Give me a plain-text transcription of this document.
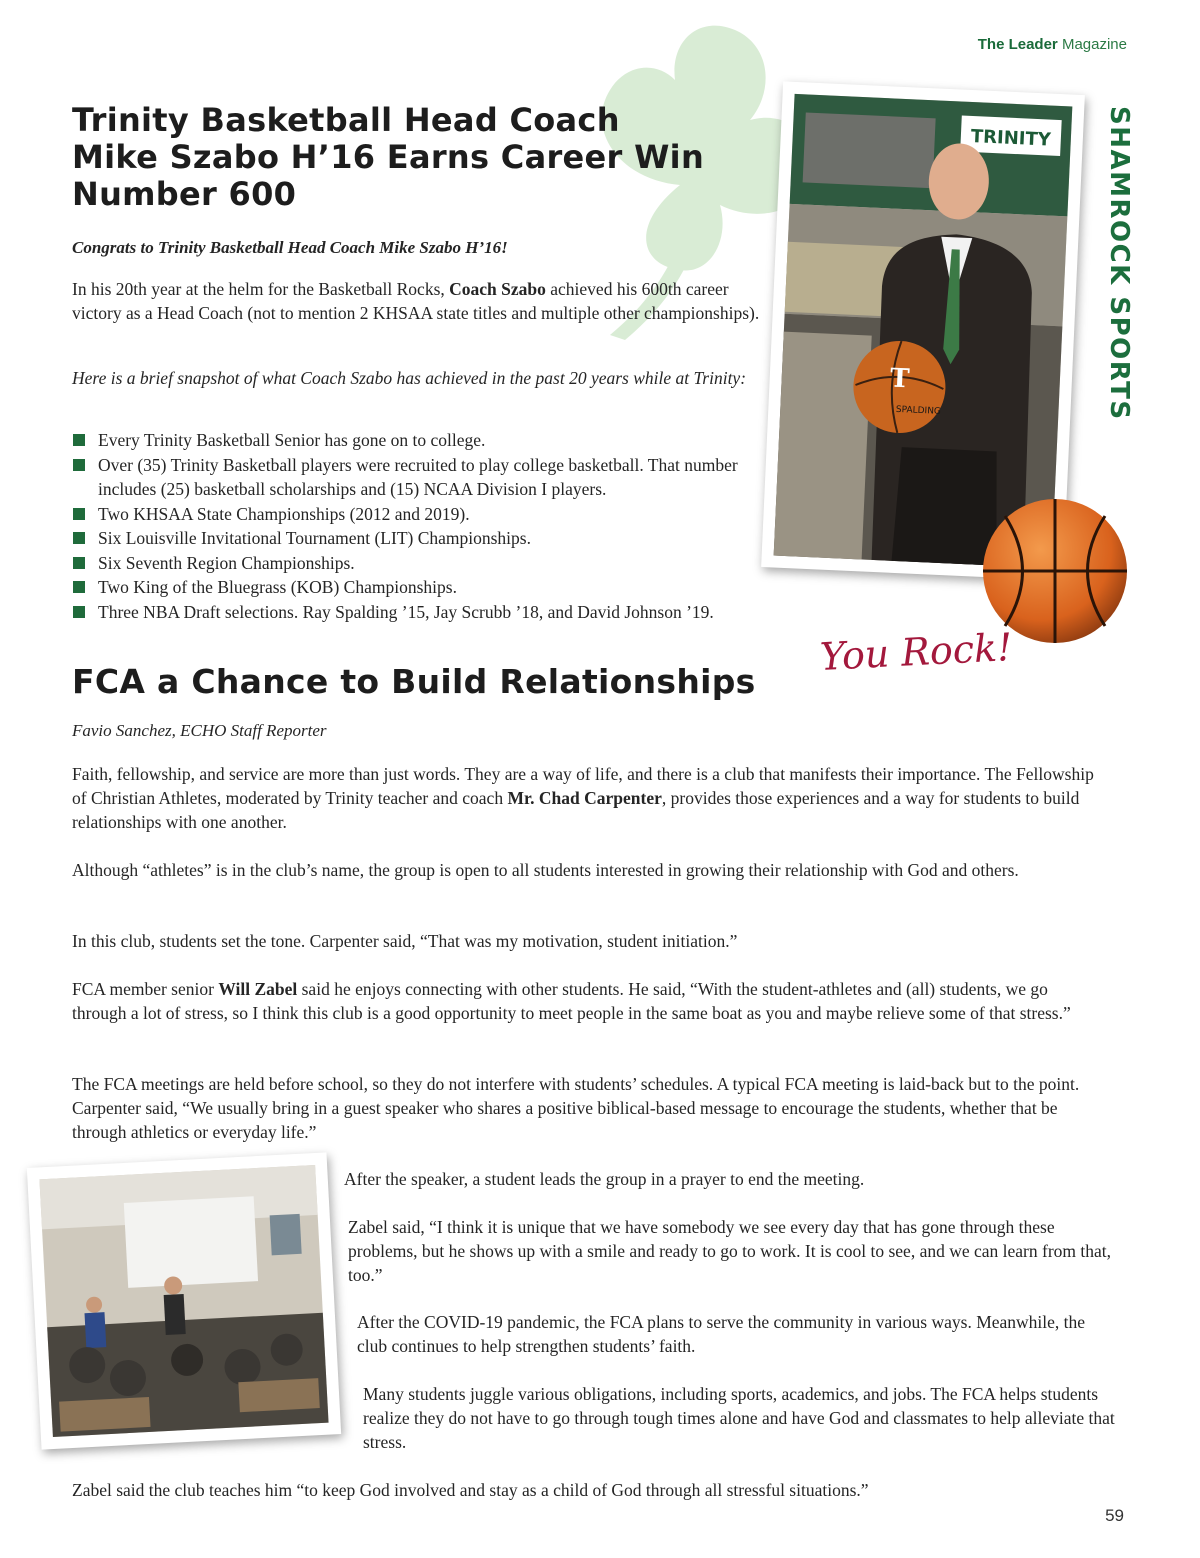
The Leader Magazine
Trinity Basketball Head Coach
Mike Szabo H’16 Earns Career Win
Number 600
Congrats to Trinity Basketball Head Coach Mike Szabo H’16!
In his 20th year at the helm for the Basketball Rocks, Coach Szabo achieved his 600th career victory as a Head Coach (not to mention 2 KHSAA state titles and multiple other championships).
Here is a brief snapshot of what Coach Szabo has achieved in the past 20 years while at Trinity:
Every Trinity Basketball Senior has gone on to college.
Over (35) Trinity Basketball players were recruited to play college basketball. That number includes (25) basketball scholarships and (15) NCAA Division I players.
Two KHSAA State Championships (2012 and 2019).
Six Louisville Invitational Tournament (LIT) Championships.
Six Seventh Region Championships.
Two King of the Bluegrass (KOB) Championships.
Three NBA Draft selections. Ray Spalding ’15, Jay Scrubb ’18, and David Johnson ’19.
SHAMROCK SPORTS
TRINITY
T
SPALDING
You Rock!
FCA a Chance to Build Relationships
Favio Sanchez, ECHO Staff Reporter
Faith, fellowship, and service are more than just words. They are a way of life, and there is a club that manifests their importance. The Fellowship of Christian Athletes, moderated by Trinity teacher and coach Mr. Chad Carpenter, provides those experiences and a way for students to build relationships with one another.
Although “athletes” is in the club’s name, the group is open to all students interested in growing their relationship with God and others.
In this club, students set the tone. Carpenter said, “That was my motivation, student initiation.”
FCA member senior Will Zabel said he enjoys connecting with other students. He said, “With the student-athletes and (all) students, we go through a lot of stress, so I think this club is a good opportunity to meet people in the same boat as you and maybe relieve some of that stress.”
The FCA meetings are held before school, so they do not interfere with students’ schedules. A typical FCA meeting is laid-back but to the point. Carpenter said, “We usually bring in a guest speaker who shares a positive biblical-based message to encourage the students, whether that be through athletics or everyday life.”
After the speaker, a student leads the group in a prayer to end the meeting.
Zabel said, “I think it is unique that we have somebody we see every day that has gone through these problems, but he shows up with a smile and ready to go to work. It is cool to see, and we can learn from that, too.”
After the COVID-19 pandemic, the FCA plans to serve the community in various ways. Meanwhile, the club continues to help strengthen students’ faith.
Many students juggle various obligations, including sports, academics, and jobs. The FCA helps students realize they do not have to go through tough times alone and have God and classmates to help alleviate that stress.
Zabel said the club teaches him “to keep God involved and stay as a child of God through all stressful situations.”
59
